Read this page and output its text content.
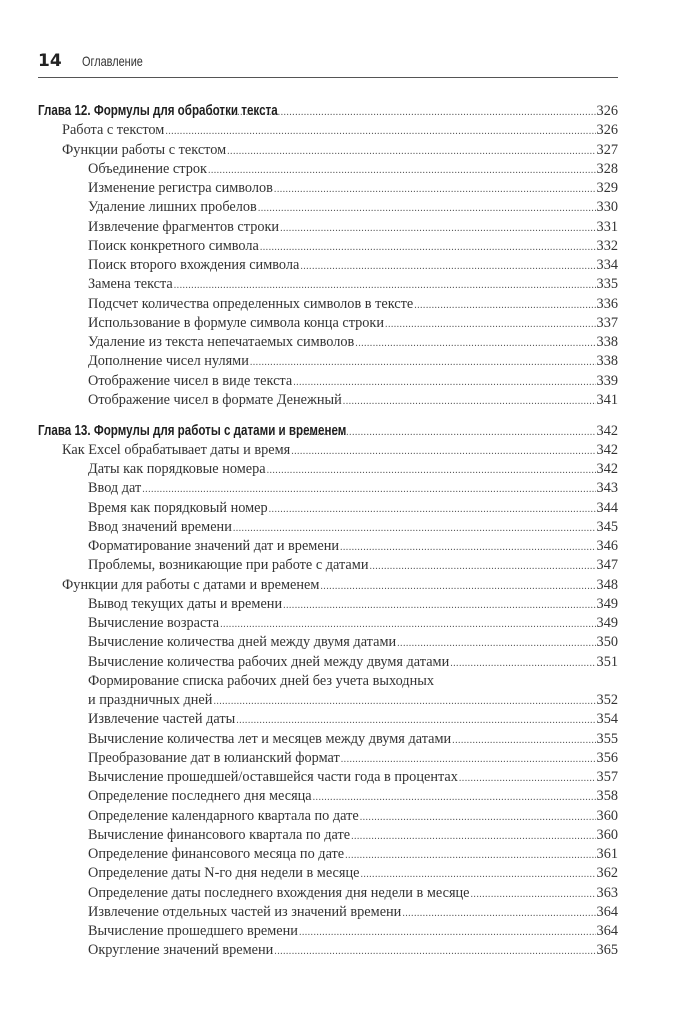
14 Оглавление
Глава 12. Формулы для обработки текста .....	326
Работа с текстом .....	326
Функции работы с текстом .....	327
Объединение строк .....	328
Изменение регистра символов .....	329
Удаление лишних пробелов .....	330
Извлечение фрагментов строки .....	331
Поиск конкретного символа .....	332
Поиск второго вхождения символа .....	334
Замена текста .....	335
Подсчет количества определенных символов в тексте .....	336
Использование в формуле символа конца строки .....	337
Удаление из текста непечатаемых символов .....	338
Дополнение чисел нулями .....	338
Отображение чисел в виде текста .....	339
Отображение чисел в формате Денежный .....	341
Глава 13. Формулы для работы с датами и временем .....	342
Как Excel обрабатывает даты и время .....	342
Даты как порядковые номера .....	342
Ввод дат .....	343
Время как порядковый номер .....	344
Ввод значений времени .....	345
Форматирование значений дат и времени .....	346
Проблемы, возникающие при работе с датами .....	347
Функции для работы с датами и временем .....	348
Вывод текущих даты и времени .....	349
Вычисление возраста .....	349
Вычисление количества дней между двумя датами .....	350
Вычисление количества рабочих дней между двумя датами .....	351
Формирование списка рабочих дней без учета выходных
и праздничных дней .....	352
Извлечение частей даты .....	354
Вычисление количества лет и месяцев между двумя датами .....	355
Преобразование дат в юлианский формат .....	356
Вычисление прошедшей/оставшейся части года в процентах .....	357
Определение последнего дня месяца .....	358
Определение календарного квартала по дате .....	360
Вычисление финансового квартала по дате .....	360
Определение финансового месяца по дате .....	361
Определение даты N-го дня недели в месяце .....	362
Определение даты последнего вхождения дня недели в месяце .....	363
Извлечение отдельных частей из значений времени .....	364
Вычисление прошедшего времени .....	364
Округление значений времени .....	365
